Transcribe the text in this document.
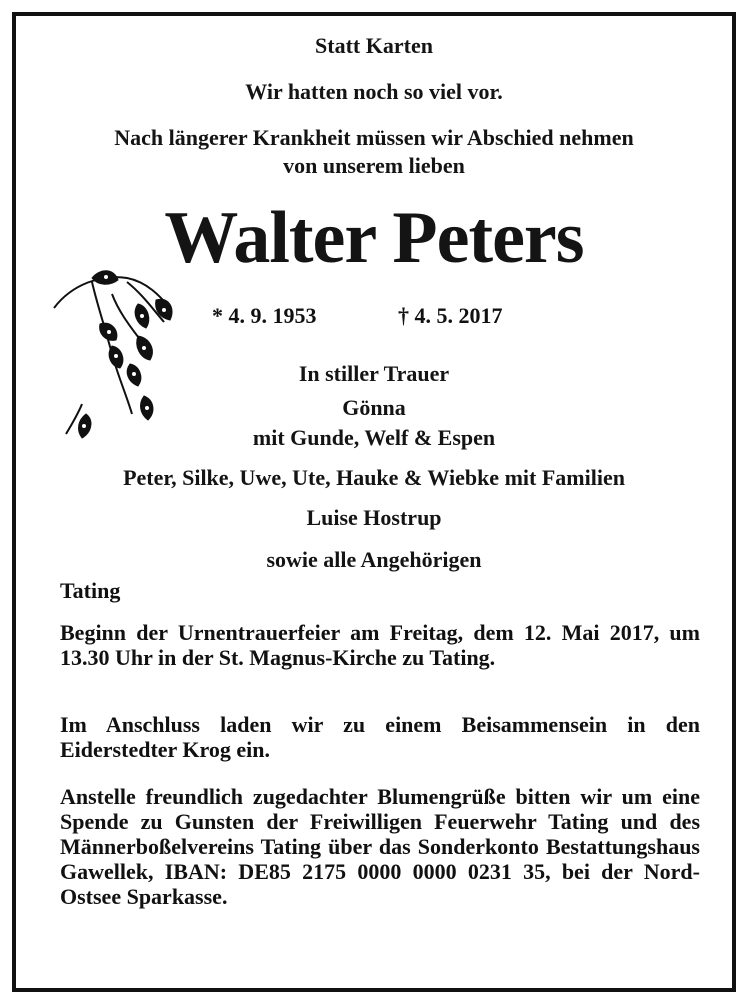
Statt Karten
Wir hatten noch so viel vor.
Nach längerer Krankheit müssen wir Abschied nehmen
von unserem lieben
Walter Peters
* 4. 9. 1953	† 4. 5. 2017
In stiller Trauer
Gönna
mit Gunde, Welf & Espen
Peter, Silke, Uwe, Ute, Hauke & Wiebke mit Familien
Luise Hostrup
sowie alle Angehörigen
Tating
Beginn der Urnentrauerfeier am Freitag, dem 12. Mai 2017, um 13.30 Uhr in der St. Magnus-Kirche zu Tating.
Im Anschluss laden wir zu einem Beisammensein in den Eiderstedter Krog ein.
Anstelle freundlich zugedachter Blumengrüße bitten wir um eine Spende zu Gunsten der Freiwilligen Feuerwehr Tating und des Männerboßelvereins Tating über das Sonderkonto Bestattungshaus Gawellek, IBAN: DE85 2175 0000 0000 0231 35, bei der Nord-Ostsee Sparkasse.
